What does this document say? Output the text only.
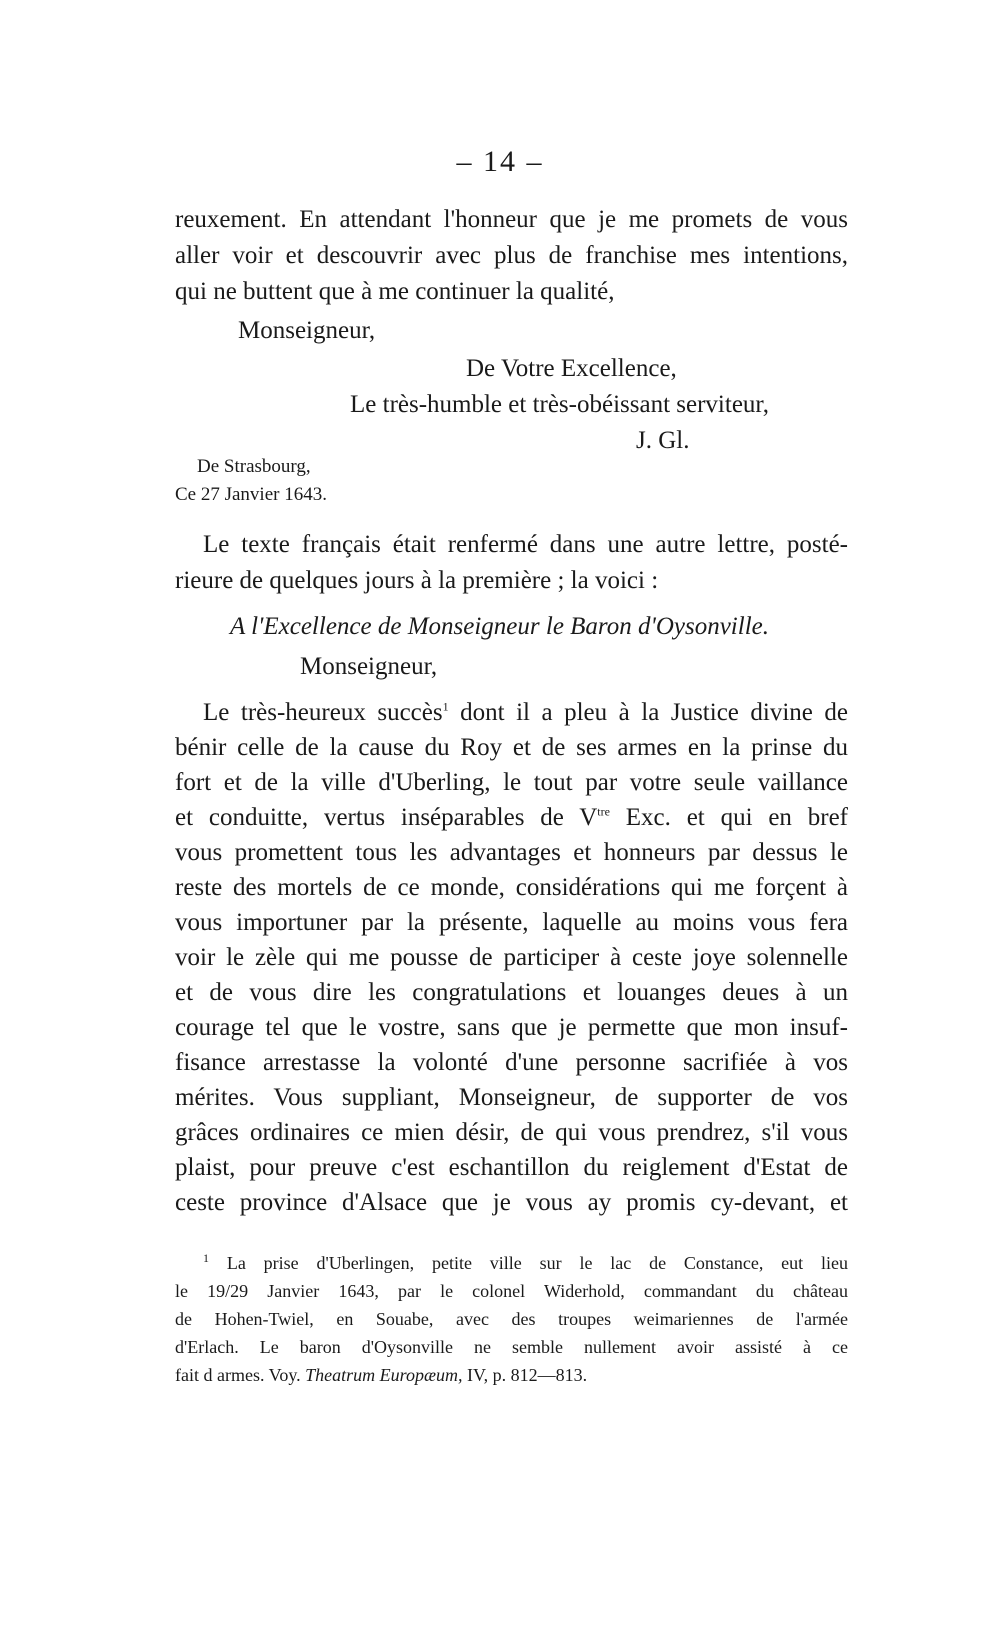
– 14 –
reuxement. En attendant l'honneur que je me promets de vous
aller voir et descouvrir avec plus de franchise mes intentions,
qui ne buttent que à me continuer la qualité,
Monseigneur,
De Votre Excellence,
Le très-humble et très-obéissant serviteur,
J. Gl.
De Strasbourg,
Ce 27 Janvier 1643.
Le texte français était renfermé dans une autre lettre, posté-
rieure de quelques jours à la première ; la voici :
A l'Excellence de Monseigneur le Baron d'Oysonville.
Monseigneur,
Le très-heureux succès$^1$ dont il a pleu à la Justice divine de
bénir celle de la cause du Roy et de ses armes en la prinse du
fort et de la ville d'Uberling, le tout par votre seule vaillance
et conduitte, vertus inséparables de $V^{tre}$ Exc. et qui en bref
vous promettent tous les advantages et honneurs par dessus le
reste des mortels de ce monde, considérations qui me forçent à
vous importuner par la présente, laquelle au moins vous fera
voir le zèle qui me pousse de participer à ceste joye solennelle
et de vous dire les congratulations et louanges deues à un
courage tel que le vostre, sans que je permette que mon insuf-
fisance arrestasse la volonté d'une personne sacrifiée à vos
mérites. Vous suppliant, Monseigneur, de supporter de vos
grâces ordinaires ce mien désir, de qui vous prendrez, s'il vous
plaist, pour preuve c'est eschantillon du reiglement d'Estat de
ceste province d'Alsace que je vous ay promis cy-devant, et
$^1$ La prise d'Uberlingen, petite ville sur le lac de Constance, eut lieu
le 19/29 Janvier 1643, par le colonel Widerhold, commandant du château
de Hohen-Twiel, en Souabe, avec des troupes weimariennes de l'armée
d'Erlach. Le baron d'Oysonville ne semble nullement avoir assisté à ce
fait d armes. Voy. Theatrum Europæum, IV, p. 812—813.
